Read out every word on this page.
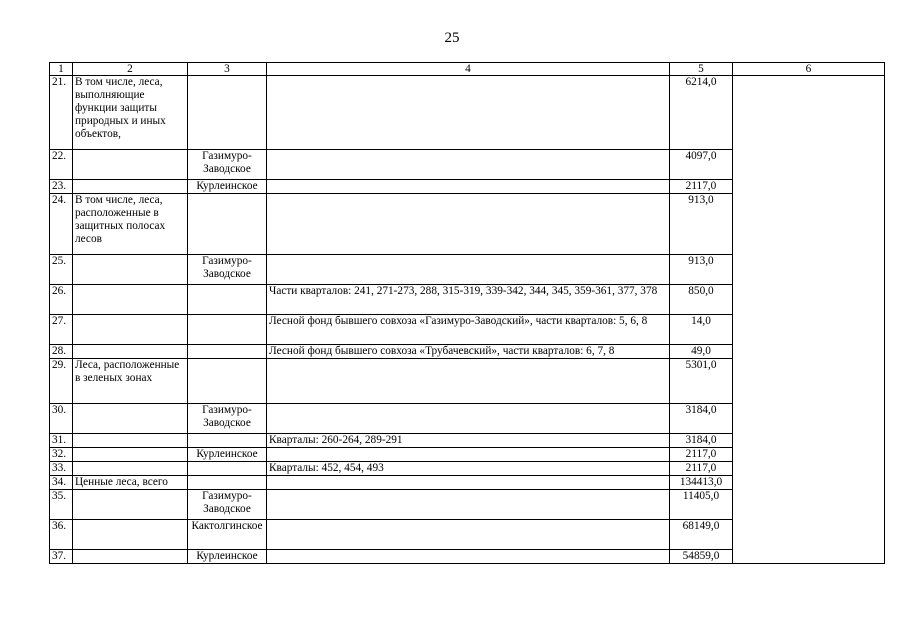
25
1	2	3	4	5	6
21.	В том числе, леса, выполняющие функции защиты природных и иных объектов,			6214,0	
22.		Газимуро-Заводское		4097,0	
23.		Курлеинское		2117,0	
24.	В том числе, леса, расположенные в защитных полосах лесов			913,0	
25.		Газимуро-Заводское		913,0	
26.			Части кварталов: 241, 271-273, 288, 315-319, 339-342, 344, 345, 359-361, 377, 378	850,0	
27.			Лесной фонд бывшего совхоза «Газимуро-Заводский», части кварталов: 5, 6, 8	14,0	
28.			Лесной фонд бывшего совхоза «Трубачевский», части кварталов: 6, 7, 8	49,0	
29.	Леса, расположенные в зеленых зонах			5301,0	
30.		Газимуро-Заводское		3184,0	
31.			Кварталы: 260-264, 289-291	3184,0	
32.		Курлеинское		2117,0	
33.			Кварталы: 452, 454, 493	2117,0	
34.	Ценные леса, всего			134413,0	
35.		Газимуро-Заводское		11405,0	
36.		Кактолгинское		68149,0	
37.		Курлеинское		54859,0	
